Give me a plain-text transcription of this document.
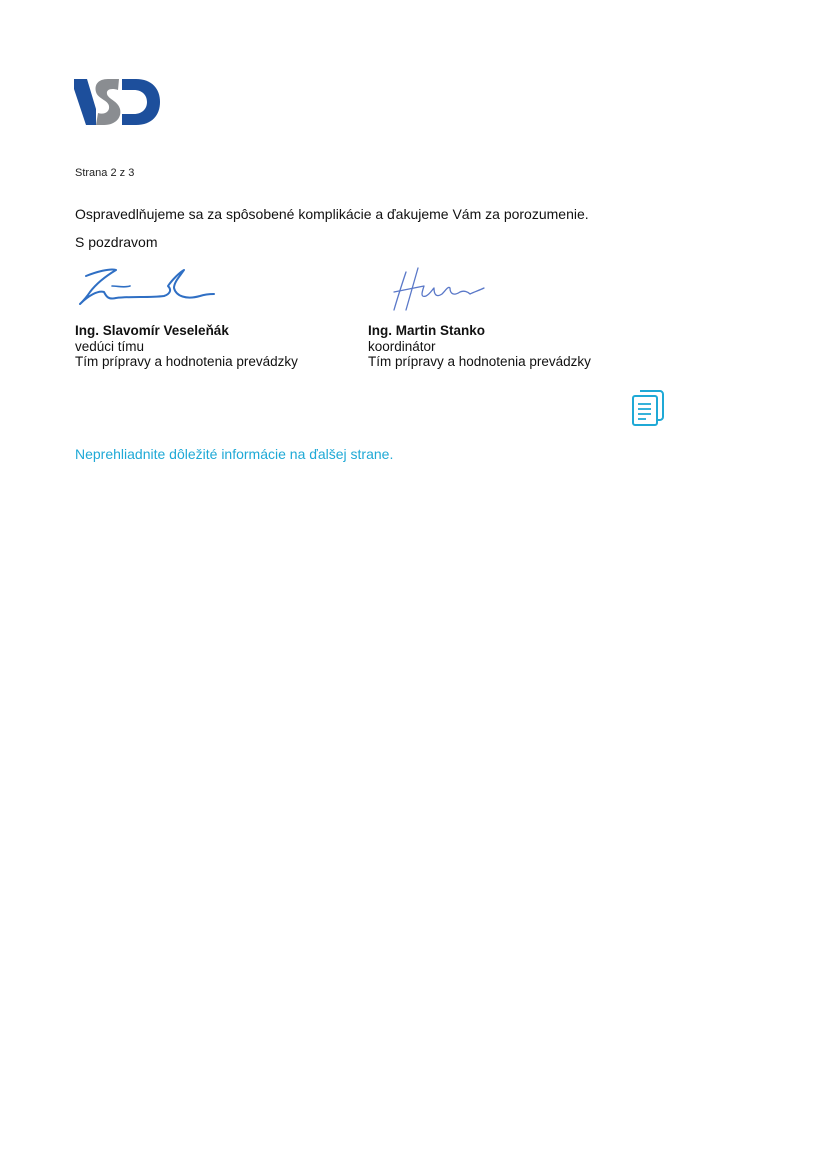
Strana 2 z 3
Ospravedlňujeme sa za spôsobené komplikácie a ďakujeme Vám za porozumenie.
S pozdravom
Ing. Slavomír Veseleňák
vedúci tímu
Tím prípravy a hodnotenia prevádzky
Ing. Martin Stanko
koordinátor
Tím prípravy a hodnotenia prevádzky
Neprehliadnite dôležité informácie na ďalšej strane.
